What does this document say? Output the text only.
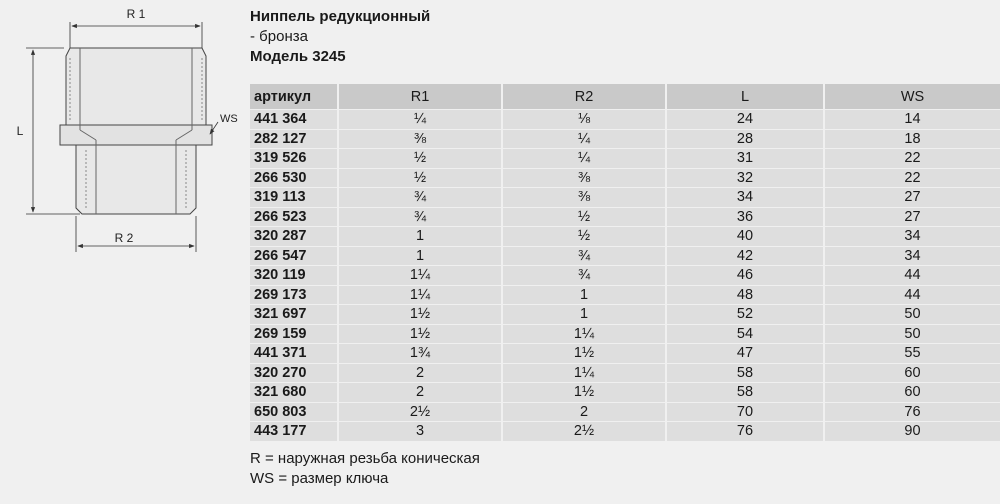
R 1
L
WS
R 2
Ниппель редукционный
- бронза
Модель 3245
артикул	R1	R2	L	WS
441 364	¼	⅛	24	14
282 127	⅜	¼	28	18
319 526	½	¼	31	22
266 530	½	⅜	32	22
319 113	¾	⅜	34	27
266 523	¾	½	36	27
320 287	1	½	40	34
266 547	1	¾	42	34
320 119	1¼	¾	46	44
269 173	1¼	1	48	44
321 697	1½	1	52	50
269 159	1½	1¼	54	50
441 371	1¾	1½	47	55
320 270	2	1¼	58	60
321 680	2	1½	58	60
650 803	2½	2	70	76
443 177	3	2½	76	90
R = наружная резьба коническая
WS = размер ключа
